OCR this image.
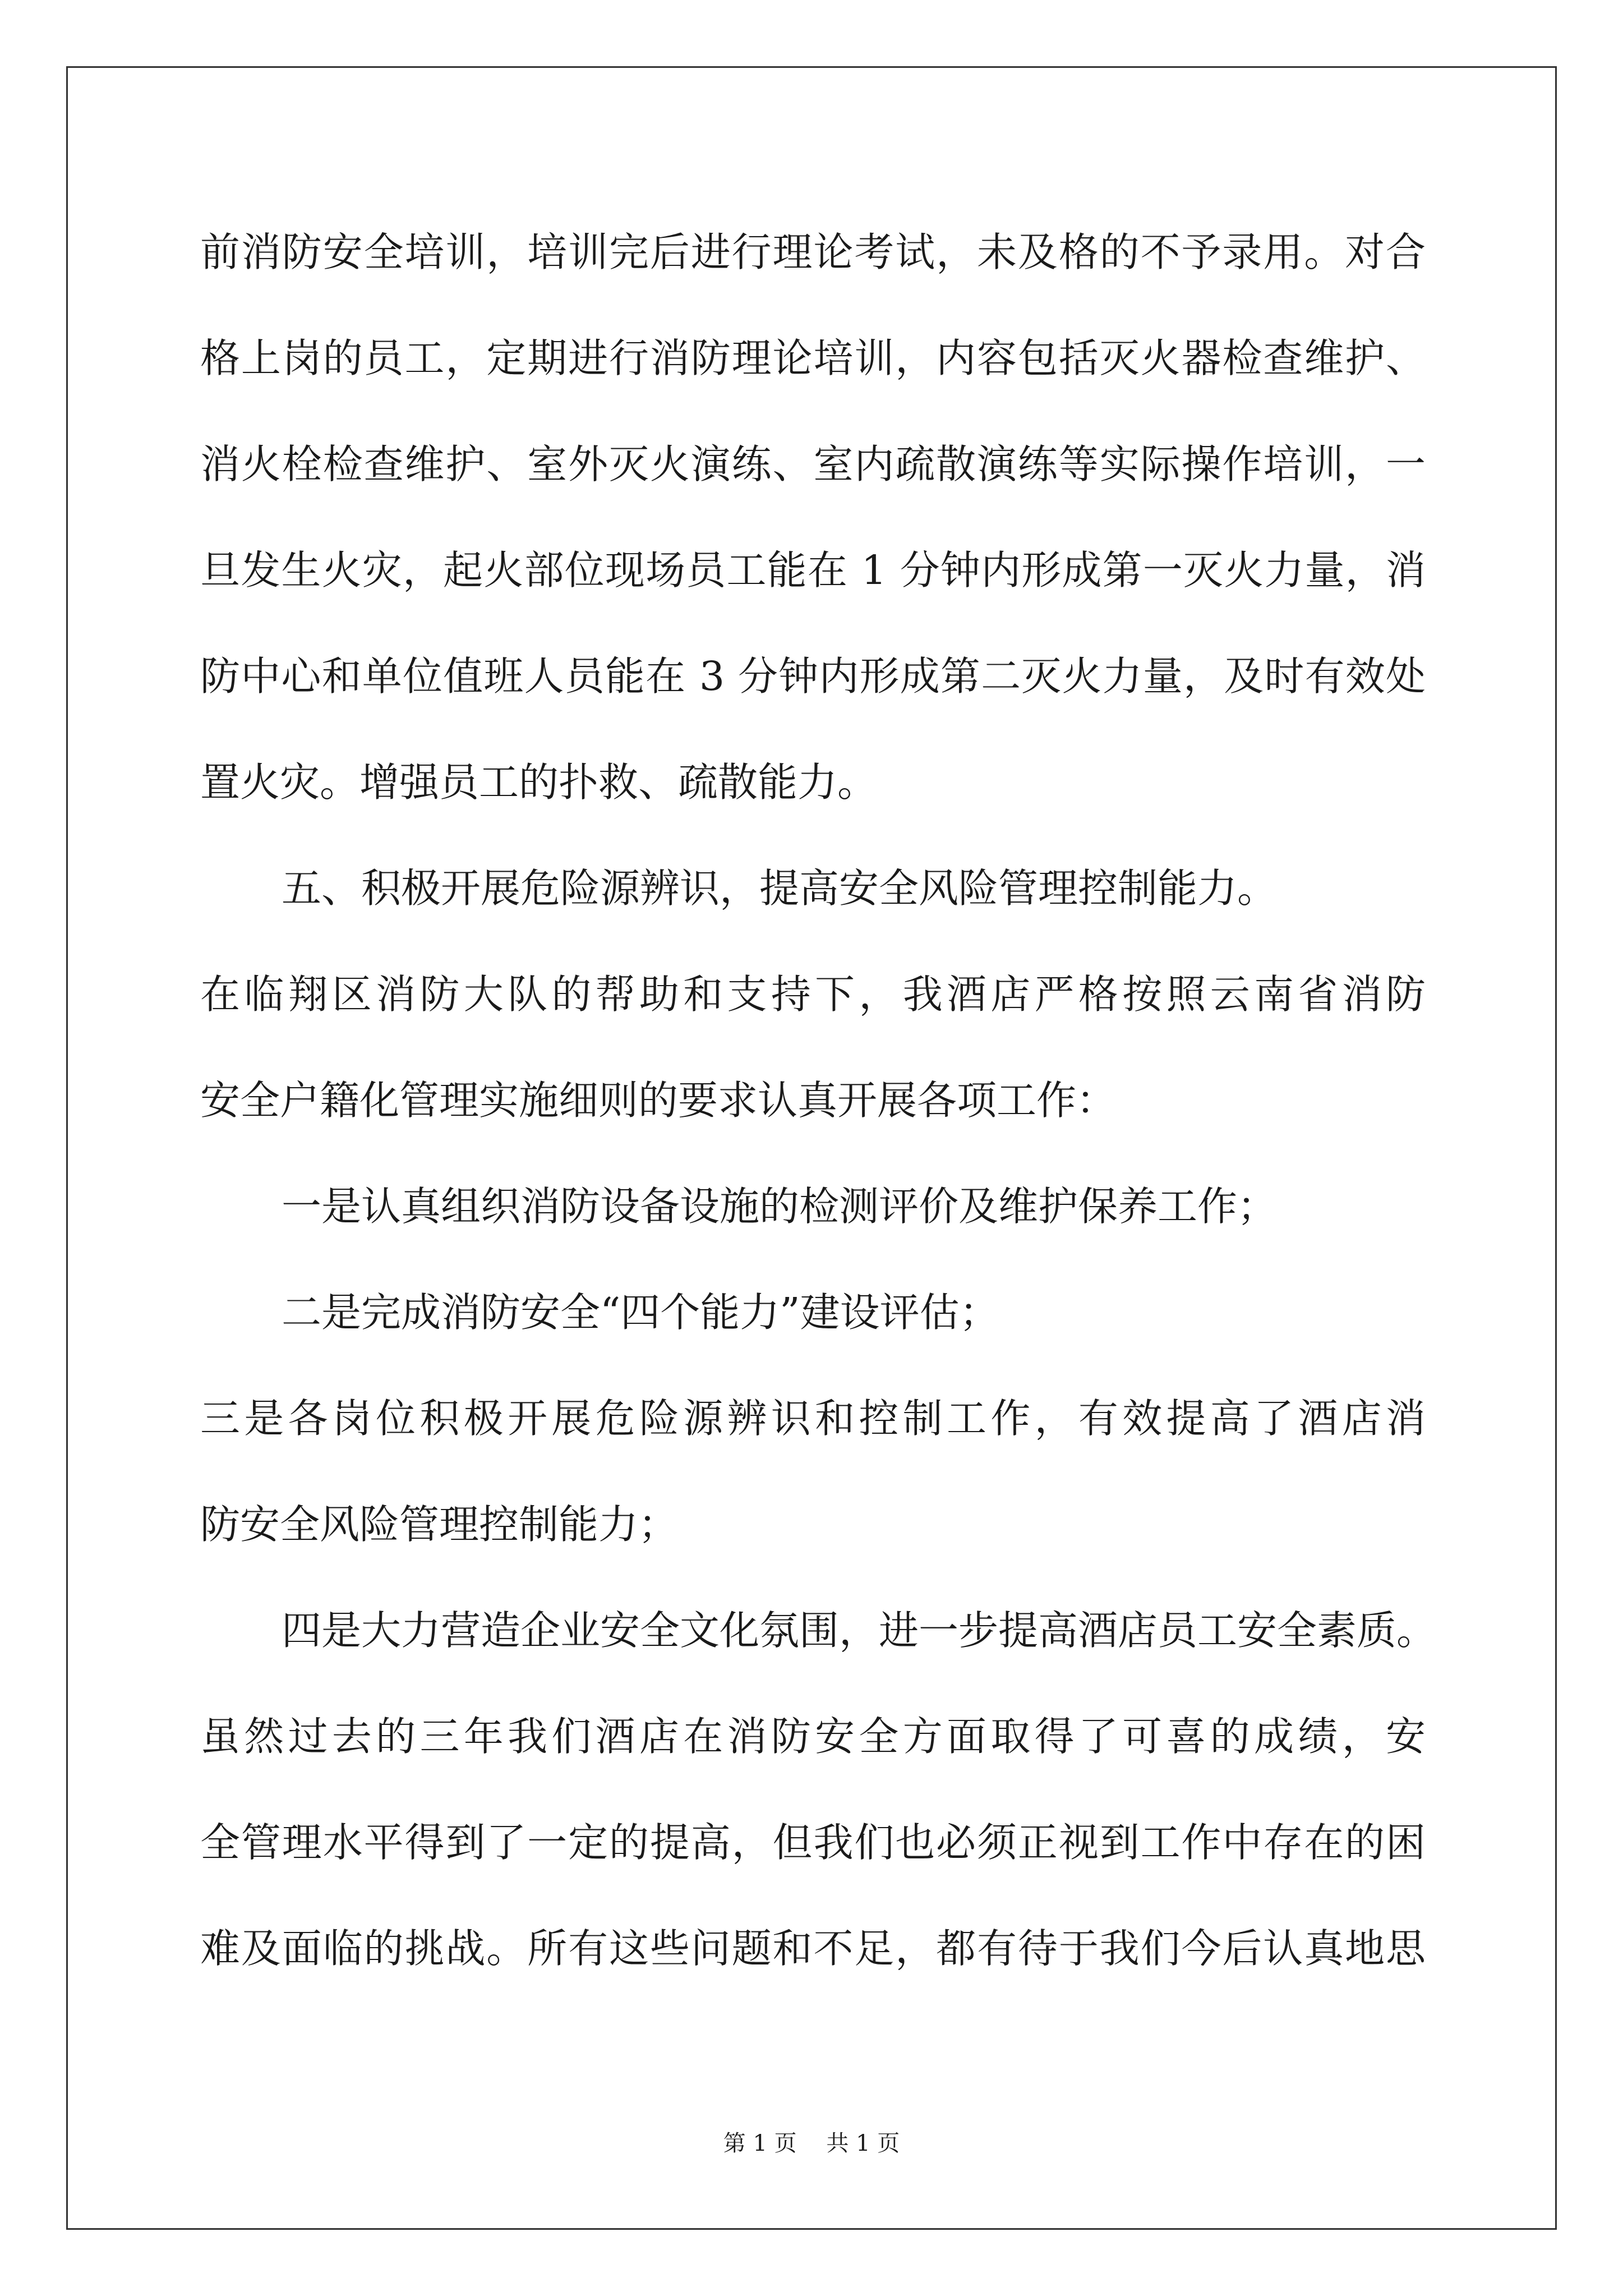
前消防安全培训，培训完后进行理论考试，未及格的不予录用。对合
格上岗的员工，定期进行消防理论培训，内容包括灭火器检查维护、
消火栓检查维护、室外灭火演练、室内疏散演练等实际操作培训，一
旦发生火灾，起火部位现场员工能在 1 分钟内形成第一灭火力量，消
防中心和单位值班人员能在 3 分钟内形成第二灭火力量，及时有效处
置火灾。增强员工的扑救、疏散能力。
五、积极开展危险源辨识，提高安全风险管理控制能力。
在临翔区消防大队的帮助和支持下，我酒店严格按照云南省消防
安全户籍化管理实施细则的要求认真开展各项工作：
一是认真组织消防设备设施的检测评价及维护保养工作；
二是完成消防安全“四个能力”建设评估；
三是各岗位积极开展危险源辨识和控制工作，有效提高了酒店消
防安全风险管理控制能力；
四是大力营造企业安全文化氛围，进一步提高酒店员工安全素质。
虽然过去的三年我们酒店在消防安全方面取得了可喜的成绩，安
全管理水平得到了一定的提高，但我们也必须正视到工作中存在的困
难及面临的挑战。所有这些问题和不足，都有待于我们今后认真地思
第 1 页 共 1 页
